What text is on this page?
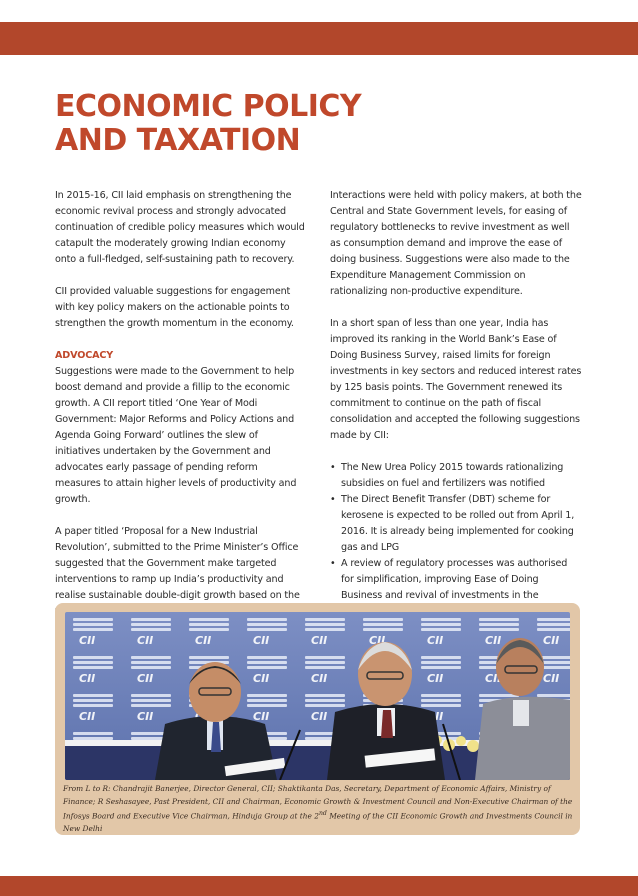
ECONOMIC POLICY
AND TAXATION

In 2015-16, CII laid emphasis on strengthening the economic revival process and strongly advocated continuation of credible policy measures which would catapult the moderately growing Indian economy onto a full-fledged, self-sustaining path to recovery.

CII provided valuable suggestions for engagement with key policy makers on the actionable points to strengthen the growth momentum in the economy.

ADVOCACY

Suggestions were made to the Government to help boost demand and provide a fillip to the economic growth. A CII report titled ‘One Year of Modi Government: Major Reforms and Policy Actions and Agenda Going Forward’ outlines the slew of initiatives undertaken by the Government and advocates early passage of pending reform measures to attain higher levels of productivity and growth.

A paper titled ‘Proposal for a New Industrial Revolution’, submitted to the Prime Minister’s Office suggested that the Government make targeted interventions to ramp up India’s productivity and realise sustainable double-digit growth based on the

Interactions were held with policy makers, at both the Central and State Government levels, for easing of regulatory bottlenecks to revive investment as well as consumption demand and improve the ease of doing business. Suggestions were also made to the Expenditure Management Commission on rationalizing non-productive expenditure.

In a short span of less than one year, India has improved its ranking in the World Bank’s Ease of Doing Business Survey, raised limits for foreign investments in key sectors and reduced interest rates by 125 basis points. The Government renewed its commitment to continue on the path of fiscal consolidation and accepted the following suggestions made by CII:

• The New Urea Policy 2015 towards rationalizing subsidies on fuel and fertilizers was notified
• The Direct Benefit Transfer (DBT) scheme for kerosene is expected to be rolled out from April 1, 2016. It is already being implemented for cooking gas and LPG
• A review of regulatory processes was authorised for simplification, improving Ease of Doing Business and revival of investments in the

From L to R: Chandrajit Banerjee, Director General, CII; Shaktikanta Das, Secretary, Department of Economic Affairs, Ministry of Finance; R Seshasayee, Past President, CII and Chairman, Economic Growth & Investment Council and Non-Executive Chairman of the Infosys Board and Executive Vice Chairman, Hinduja Group at the 2nd Meeting of the CII Economic Growth and Investments Council in New Delhi
